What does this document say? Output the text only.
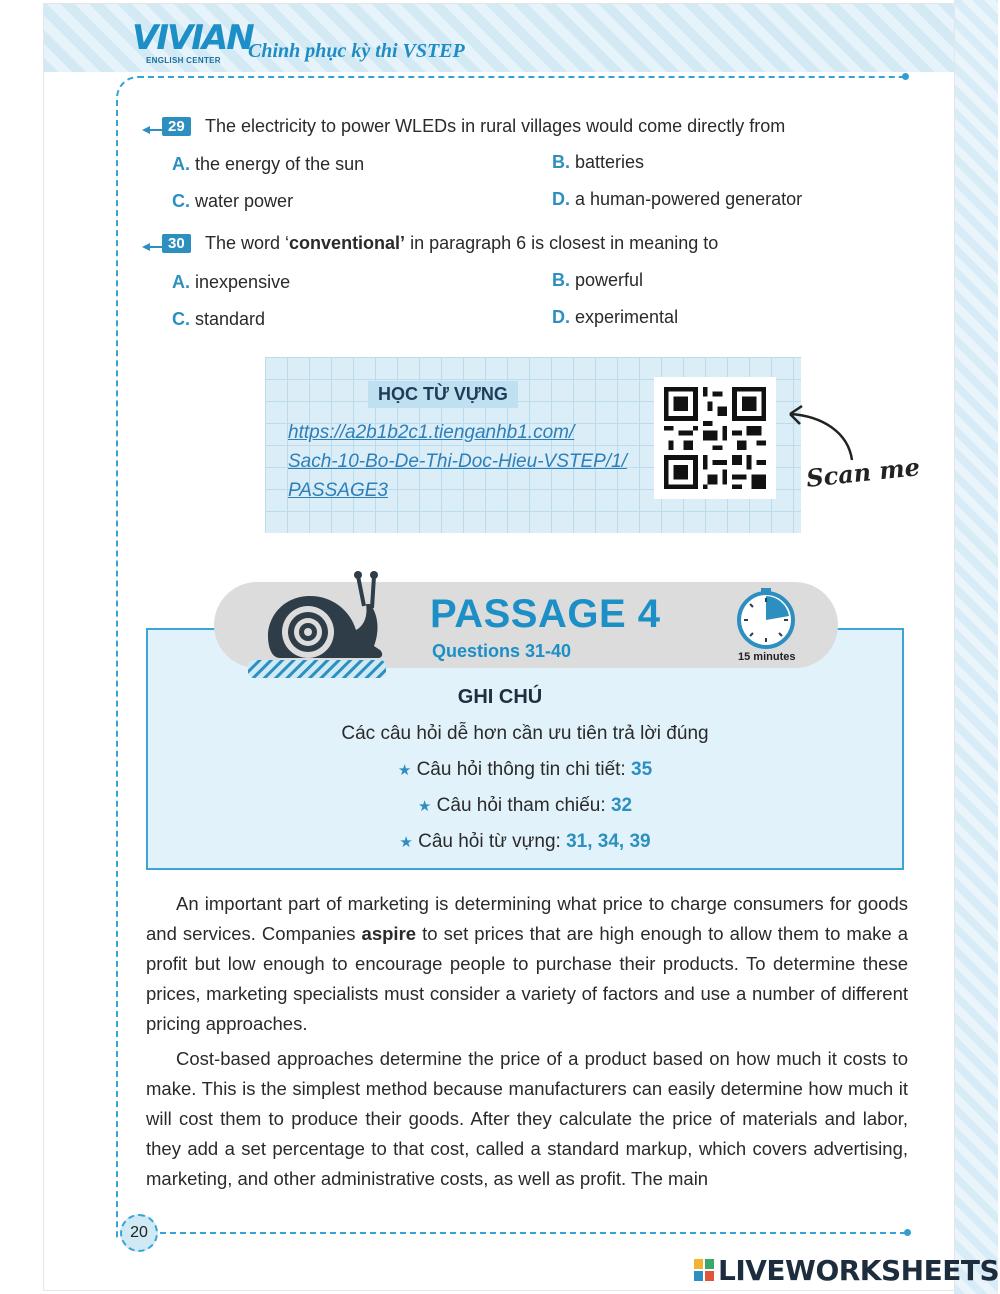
VIVIAN
ENGLISH CENTER Chinh phục kỳ thi VSTEP
20
29	The electricity to power WLEDs in rural villages would come directly from
A. the energy of the sun	B. batteries
C. water power	D. a human-powered generator
30	The word ‘conventional’ in paragraph 6 is closest in meaning to
A. inexpensive	B. powerful
C. standard	D. experimental
HỌC TỪ VỰNG
https://a2b1b2c1.tienganhb1.com/
Sach-10-Bo-De-Thi-Doc-Hieu-VSTEP/1/
PASSAGE3	Scan me
PASSAGE 4
Questions 31-40	15 minutes
GHI CHÚ
Các câu hỏi dễ hơn cần ưu tiên trả lời đúng
★ Câu hỏi thông tin chi tiết: 35
★ Câu hỏi tham chiếu: 32
★ Câu hỏi từ vựng: 31, 34, 39

An important part of marketing is determining what price to charge consumers for goods and services. Companies aspire to set prices that are high enough to allow them to make a profit but low enough to encourage people to purchase their products. To determine these prices, marketing specialists must consider a variety of factors and use a number of different pricing approaches.

Cost-based approaches determine the price of a product based on how much it costs to make. This is the simplest method because manufacturers can easily determine how much it will cost them to produce their goods. After they calculate the price of materials and labor, they add a set percentage to that cost, called a standard markup, which covers advertising, marketing, and other administrative costs, as well as profit. The main

LIVEWORKSHEETS
